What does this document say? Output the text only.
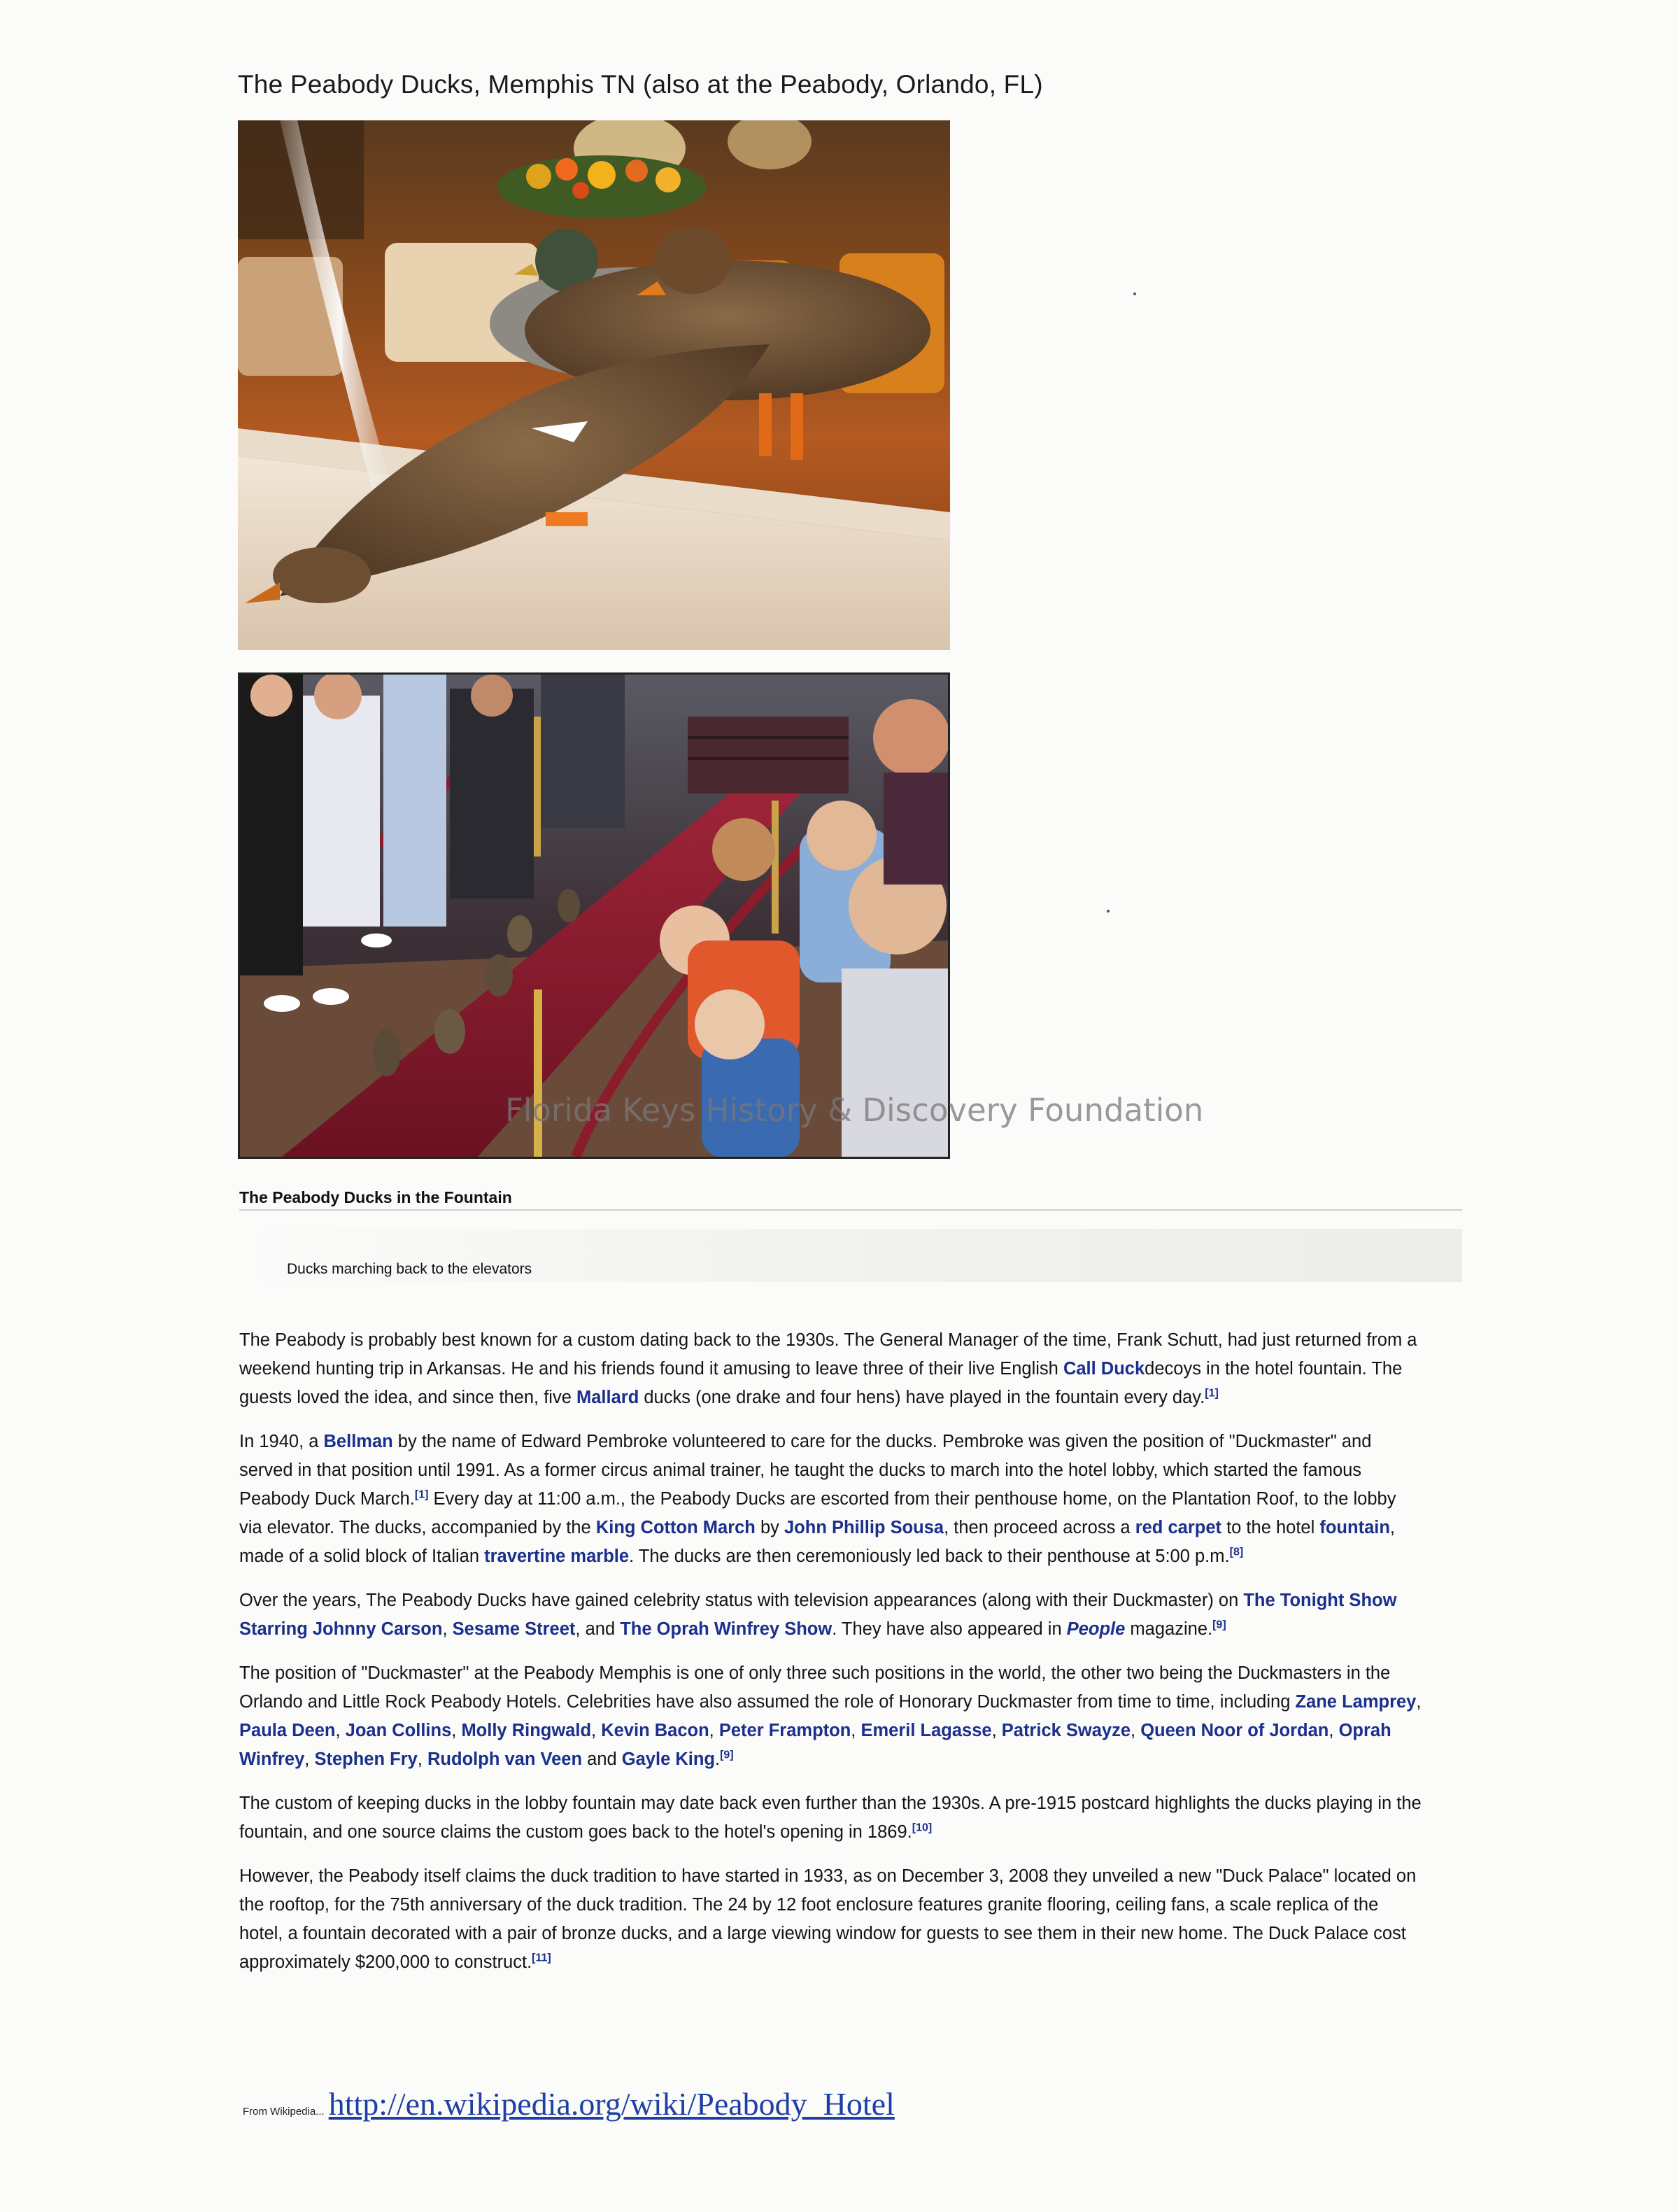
The Peabody Ducks, Memphis TN (also at the Peabody, Orlando, FL)
Florida Keys History & Discovery Foundation
The Peabody Ducks in the Fountain
Ducks marching back to the elevators

The Peabody is probably best known for a custom dating back to the 1930s. The General Manager of the time, Frank Schutt, had just returned from a weekend hunting trip in Arkansas. He and his friends found it amusing to leave three of their live English Call Duckdecoys in the hotel fountain. The guests loved the idea, and since then, five Mallard ducks (one drake and four hens) have played in the fountain every day.[1]

In 1940, a Bellman by the name of Edward Pembroke volunteered to care for the ducks. Pembroke was given the position of "Duckmaster" and served in that position until 1991. As a former circus animal trainer, he taught the ducks to march into the hotel lobby, which started the famous Peabody Duck March.[1] Every day at 11:00 a.m., the Peabody Ducks are escorted from their penthouse home, on the Plantation Roof, to the lobby via elevator. The ducks, accompanied by the King Cotton March by John Phillip Sousa, then proceed across a red carpet to the hotel fountain, made of a solid block of Italian travertine marble. The ducks are then ceremoniously led back to their penthouse at 5:00 p.m.[8]

Over the years, The Peabody Ducks have gained celebrity status with television appearances (along with their Duckmaster) on The Tonight Show Starring Johnny Carson, Sesame Street, and The Oprah Winfrey Show. They have also appeared in People magazine.[9]

The position of "Duckmaster" at the Peabody Memphis is one of only three such positions in the world, the other two being the Duckmasters in the Orlando and Little Rock Peabody Hotels. Celebrities have also assumed the role of Honorary Duckmaster from time to time, including Zane Lamprey, Paula Deen, Joan Collins, Molly Ringwald, Kevin Bacon, Peter Frampton, Emeril Lagasse, Patrick Swayze, Queen Noor of Jordan, Oprah Winfrey, Stephen Fry, Rudolph van Veen and Gayle King.[9]

The custom of keeping ducks in the lobby fountain may date back even further than the 1930s. A pre-1915 postcard highlights the ducks playing in the fountain, and one source claims the custom goes back to the hotel's opening in 1869.[10]

However, the Peabody itself claims the duck tradition to have started in 1933, as on December 3, 2008 they unveiled a new "Duck Palace" located on the rooftop, for the 75th anniversary of the duck tradition. The 24 by 12 foot enclosure features granite flooring, ceiling fans, a scale replica of the hotel, a fountain decorated with a pair of bronze ducks, and a large viewing window for guests to see them in their new home. The Duck Palace cost approximately $200,000 to construct.[11]

From Wikipedia... http://en.wikipedia.org/wiki/Peabody_Hotel
